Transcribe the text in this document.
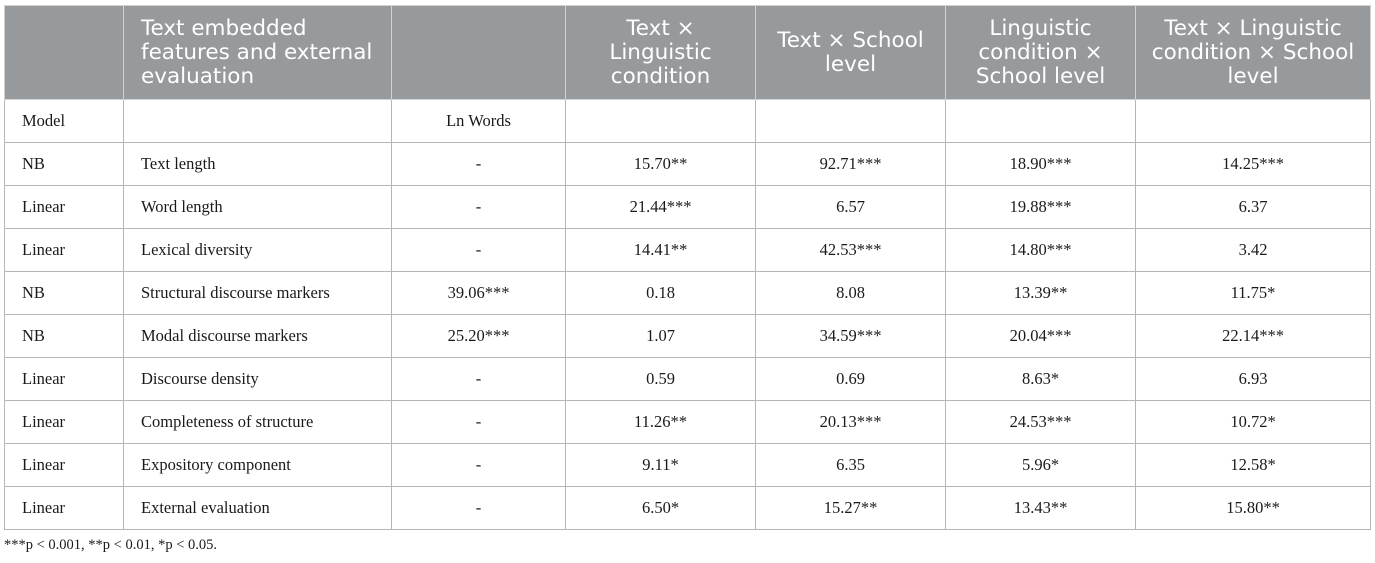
	Text embedded features and external evaluation		Text × Linguistic condition	Text × School level	Linguistic condition × School level	Text × Linguistic condition × School level
Model		Ln Words				
NB	Text length	-	15.70**	92.71***	18.90***	14.25***
Linear	Word length	-	21.44***	6.57	19.88***	6.37
Linear	Lexical diversity	-	14.41**	42.53***	14.80***	3.42
NB	Structural discourse markers	39.06***	0.18	8.08	13.39**	11.75*
NB	Modal discourse markers	25.20***	1.07	34.59***	20.04***	22.14***
Linear	Discourse density	-	0.59	0.69	8.63*	6.93
Linear	Completeness of structure	-	11.26**	20.13***	24.53***	10.72*
Linear	Expository component	-	9.11*	6.35	5.96*	12.58*
Linear	External evaluation	-	6.50*	15.27**	13.43**	15.80**
***p < 0.001, **p < 0.01, *p < 0.05.
